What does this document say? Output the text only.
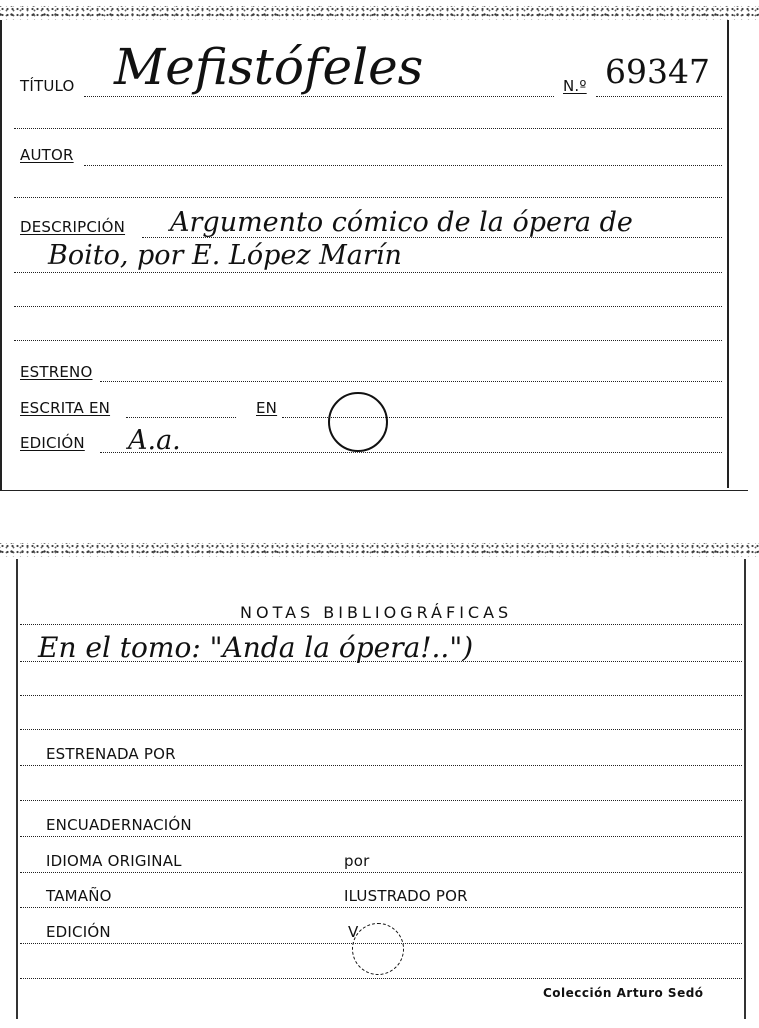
TÍTULO Mefistófeles	N.º 69347
AUTOR
DESCRIPCIÓN Argumento cómico de la ópera de
Boito, por E. López Marín
ESTRENO
ESCRITA EN	EN
EDICIÓN A.a.
NOTAS BIBLIOGRÁFICAS
En el tomo: "Anda la ópera!..")
ESTRENADA POR
ENCUADERNACIÓN
IDIOMA ORIGINAL	por
TAMAÑO	ILUSTRADO POR
EDICIÓN	V
Colección Arturo Sedó
